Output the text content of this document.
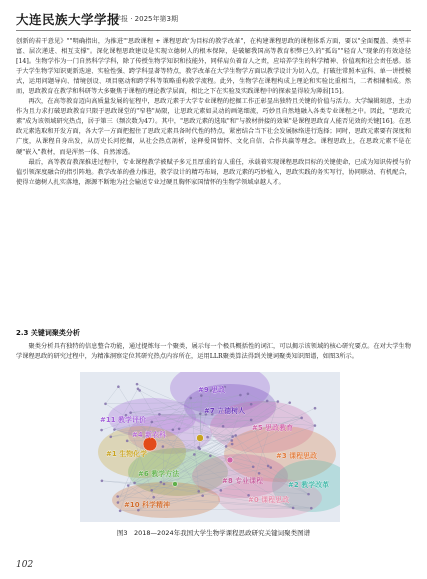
大连民族大学学报
学报 · 2025年第3期

创新的若干意见》""明确指出，为推进"'思政课程 + 课程思政'为目标的教学改革"，在构建课程思政的课程体系方面，要以"全面覆盖、类型丰富、层次递进、相互支撑"。深化课程思政建设是实现立德树人的根本保障，是破解我国高等教育积弊已久的"孤岛""轻育人"现象的有效途径[14]。生物学作为一门自然科学学科，除了传授生物学知识和技能外，同样肩负着育人之责，应培养学生的科学精神、价值观和社会责任感。基于大学生物学知识更新迭速、实验性强、跨学科显著等特点，教学改革在大学生物学方面以教学设计为切入点，打破往常照本宣科、单一讲授模式，运用问题导向、情境创设、项目驱动和跨学科等策略重构教学流程。此外，生物学在课程构成上理论和实验比重相当，二者相辅相成。然而，思政教育在教学和科研等大多聚焦于课程的理论教学层面，相比之下在实验及实践课程中的探索显得较为薄弱[15]。

再次，在高等教育迈向高质量发展的征程中，思政元素于大学专业课程的挖掘工作正彰显出独特且关键的价值与活力。大学编辑刻意，主动作为且力求打破思政教育只限于思政课堂的"窄巷"局限，让思政元素如灵动的画笔细流，巧妙且自然地融入各类专业课程之中。因此，"思政元素"成为该领域研究热点，居于第三（频次数为47）。其中，"思政元素的选取"和"与教材拼接的效果"是课程思政育人能否见效的关键[16]。在思政元素选取和开发方面，各大学一方面把握住了思政元素具备时代性的特点，紧密结合当下社会发展脉络进行选择；同时，思政元素要有深度和广度，从课程自身出发，从历史长河挖掘，从社会热点剖析，诠释爱国情怀、文化自信、合作共赢等理念。课程思政上，在思政元素不是在硬"嵌入"教材，而是浑然一体、自然渗透。

最后，高等教育教深推进过程中，专业课程教学被赋予多元且厚重的育人重任，承载着实现课程思政目标的关键使命，已成为知识传授与价值引领深度融合的指引阵地。教学改革的叠力推进，教学设计的精巧布局，思政元素的巧妙植入，思政实践的务实写行，协同联动、有机配合，使得立德树人扎实落地，源源不断地为社会输送专业过硬且胸怀家国情怀的生物学领域卓越人才。

2.3 关键词聚类分析

聚类分析具有独特的信息整合功能，通过提炼每一个聚类，展示每一个极具概括性的词汇，可以揭示该领域的核心研究要点。在对大学生物学课程思政的研究过程中，为精准洞察定位其研究热点内容所在，运用LLR聚类算法得到关键词聚类知识图谱，如图3所示。

#9 思政
#7 立德树人
#11 教学评价
#4 新农科
#5 思政教育
#1 生物化学	#3 课程思政
#6 教学方法
#8 专业课程	#2 教学改革
#0 课程思政
#10 科学精神
图3　2018—2024年我国大学生物学课程思政研究关键词聚类图谱
102
